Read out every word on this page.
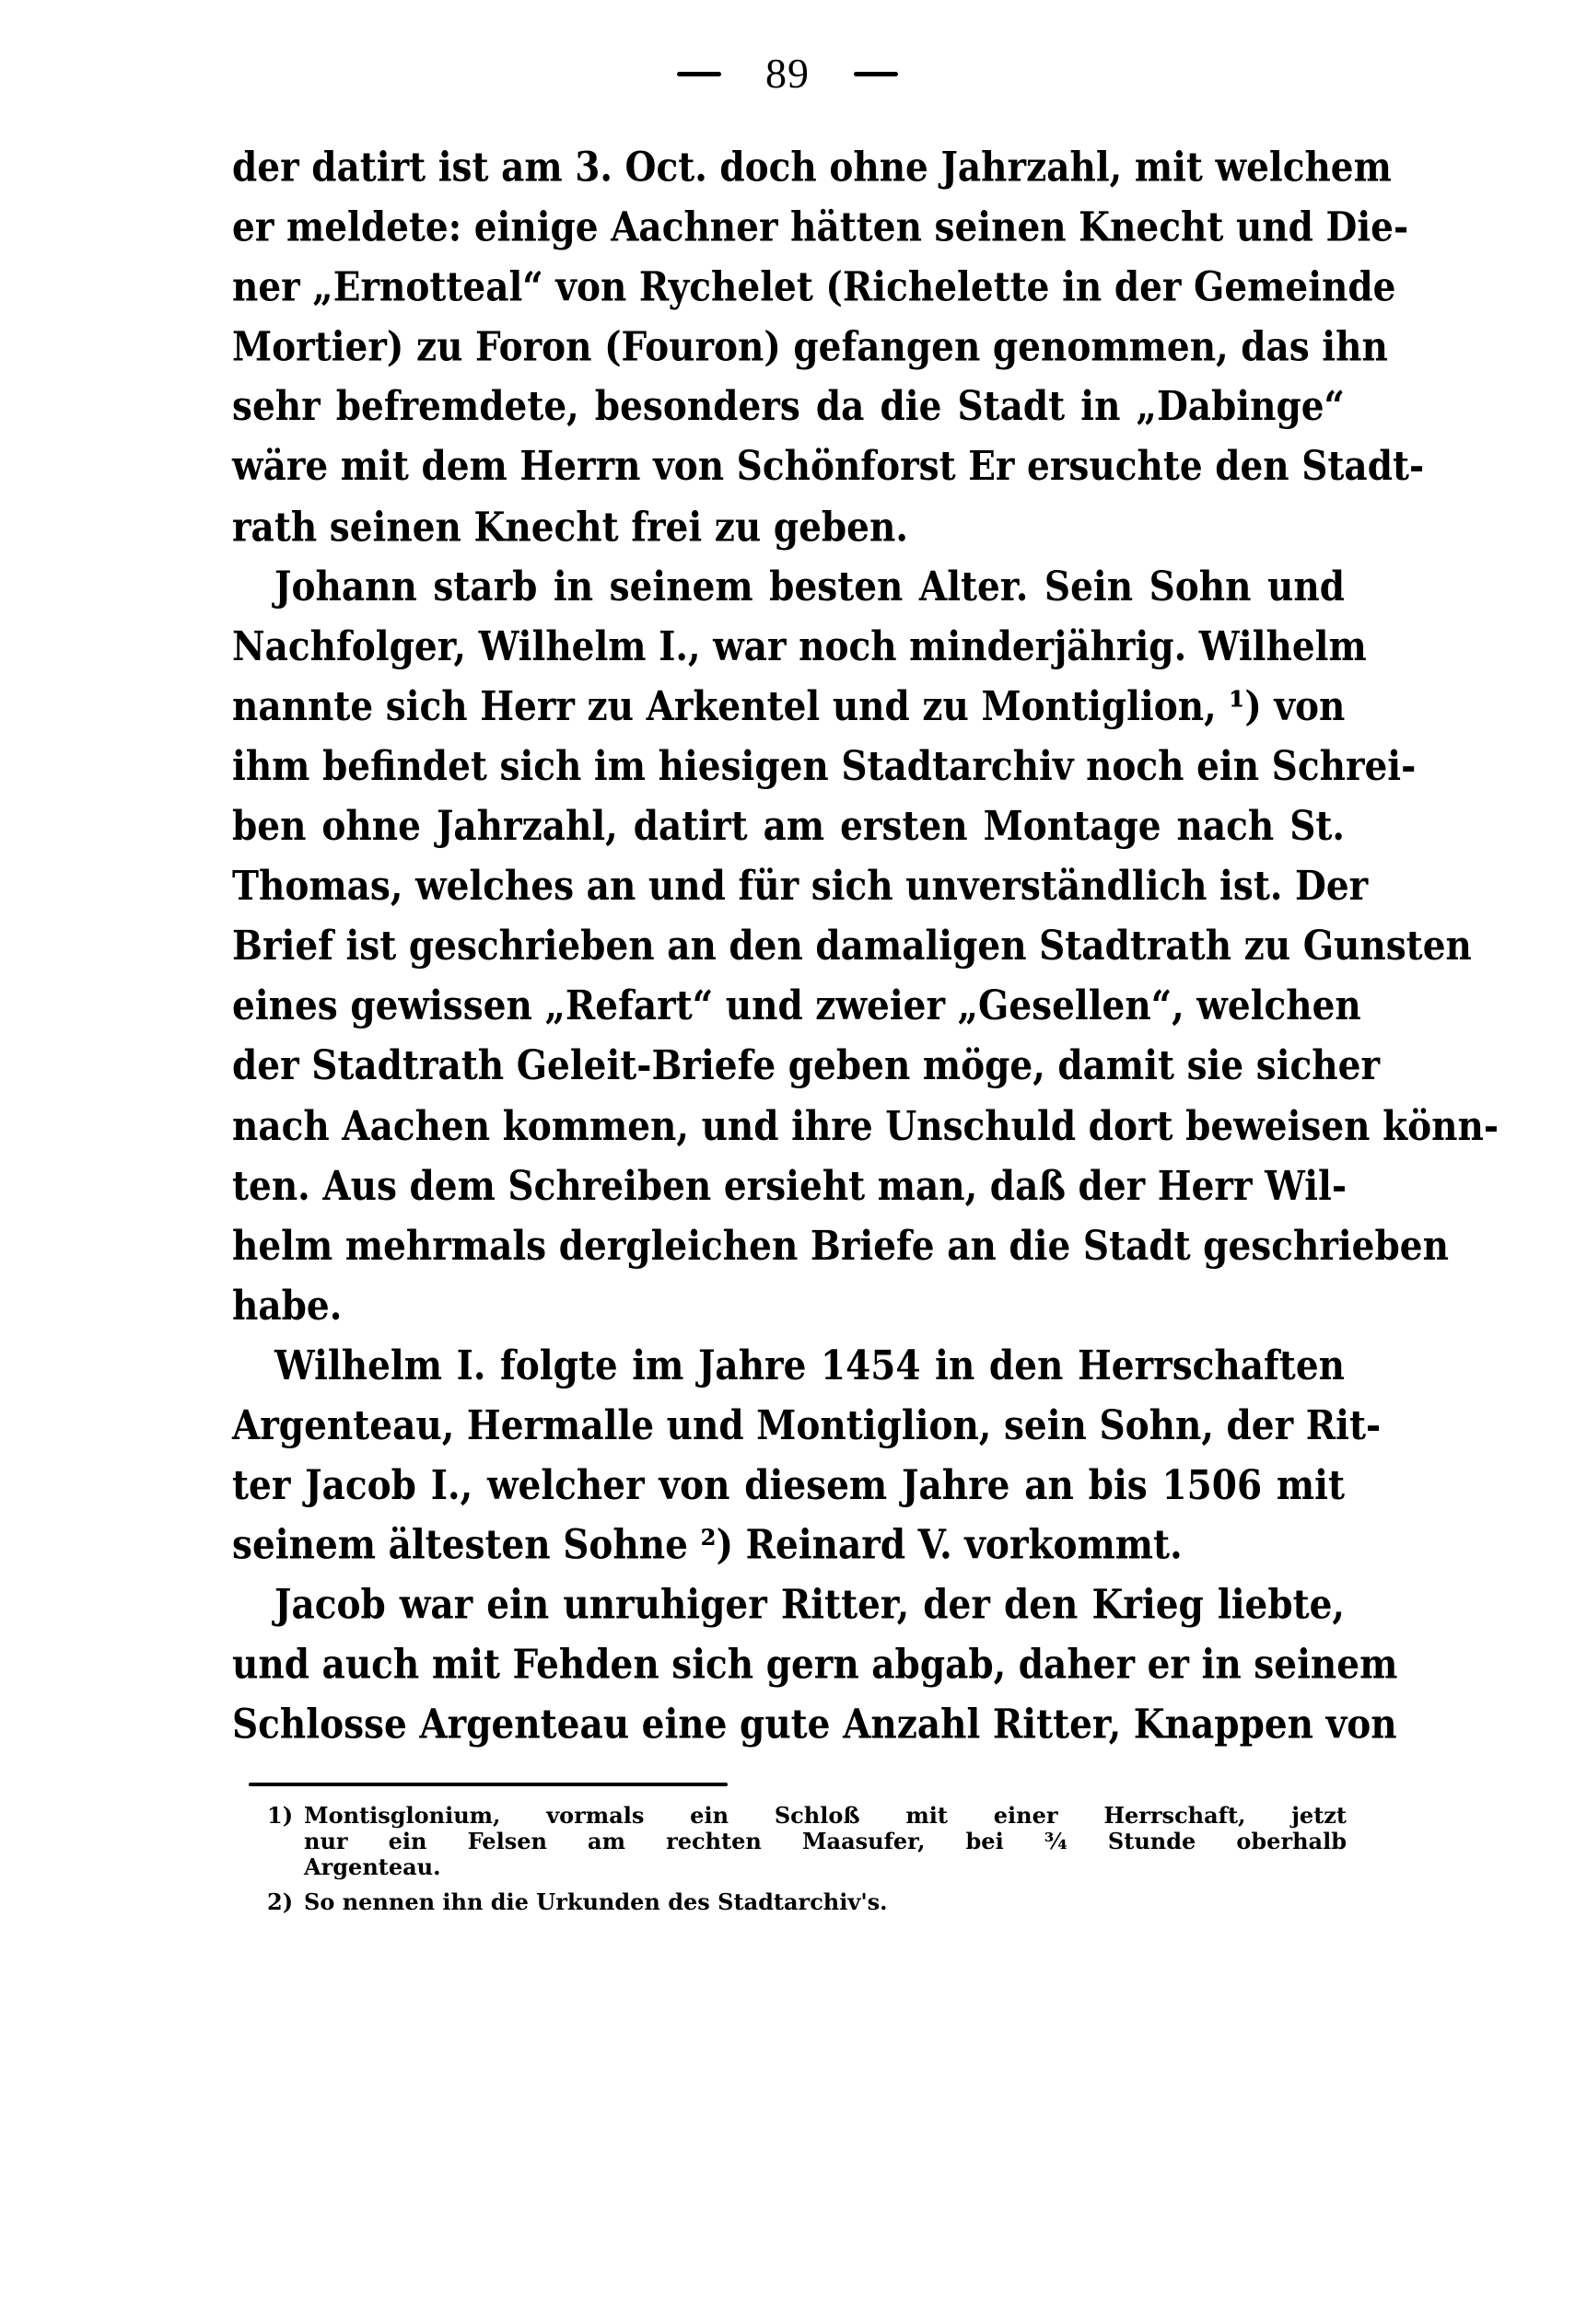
89
der datirt ist am 3. Oct. doch ohne Jahrzahl, mit welchem
er meldete: einige Aachner hätten seinen Knecht und Die-
ner „Ernotteal“ von Rychelet (Richelette in der Gemeinde
Mortier) zu Foron (Fouron) gefangen genommen, das ihn
sehr befremdete, besonders da die Stadt in „Dabinge“
wäre mit dem Herrn von Schönforst Er ersuchte den Stadt-
rath seinen Knecht frei zu geben.
Johann starb in seinem besten Alter. Sein Sohn und
Nachfolger, Wilhelm I., war noch minderjährig. Wilhelm
nannte sich Herr zu Arkentel und zu Montiglion, ¹) von
ihm befindet sich im hiesigen Stadtarchiv noch ein Schrei-
ben ohne Jahrzahl, datirt am ersten Montage nach St.
Thomas, welches an und für sich unverständlich ist. Der
Brief ist geschrieben an den damaligen Stadtrath zu Gunsten
eines gewissen „Refart“ und zweier „Gesellen“, welchen
der Stadtrath Geleit-Briefe geben möge, damit sie sicher
nach Aachen kommen, und ihre Unschuld dort beweisen könn-
ten. Aus dem Schreiben ersieht man, daß der Herr Wil-
helm mehrmals dergleichen Briefe an die Stadt geschrieben
habe.
Wilhelm I. folgte im Jahre 1454 in den Herrschaften
Argenteau, Hermalle und Montiglion, sein Sohn, der Rit-
ter Jacob I., welcher von diesem Jahre an bis 1506 mit
seinem ältesten Sohne ²) Reinard V. vorkommt.
Jacob war ein unruhiger Ritter, der den Krieg liebte,
und auch mit Fehden sich gern abgab, daher er in seinem
Schlosse Argenteau eine gute Anzahl Ritter, Knappen von
1) Montisglonium, vormals ein Schloß mit einer Herrschaft, jetzt
nur ein Felsen am rechten Maasufer, bei ¾ Stunde oberhalb
Argenteau.
2) So nennen ihn die Urkunden des Stadtarchiv's.
